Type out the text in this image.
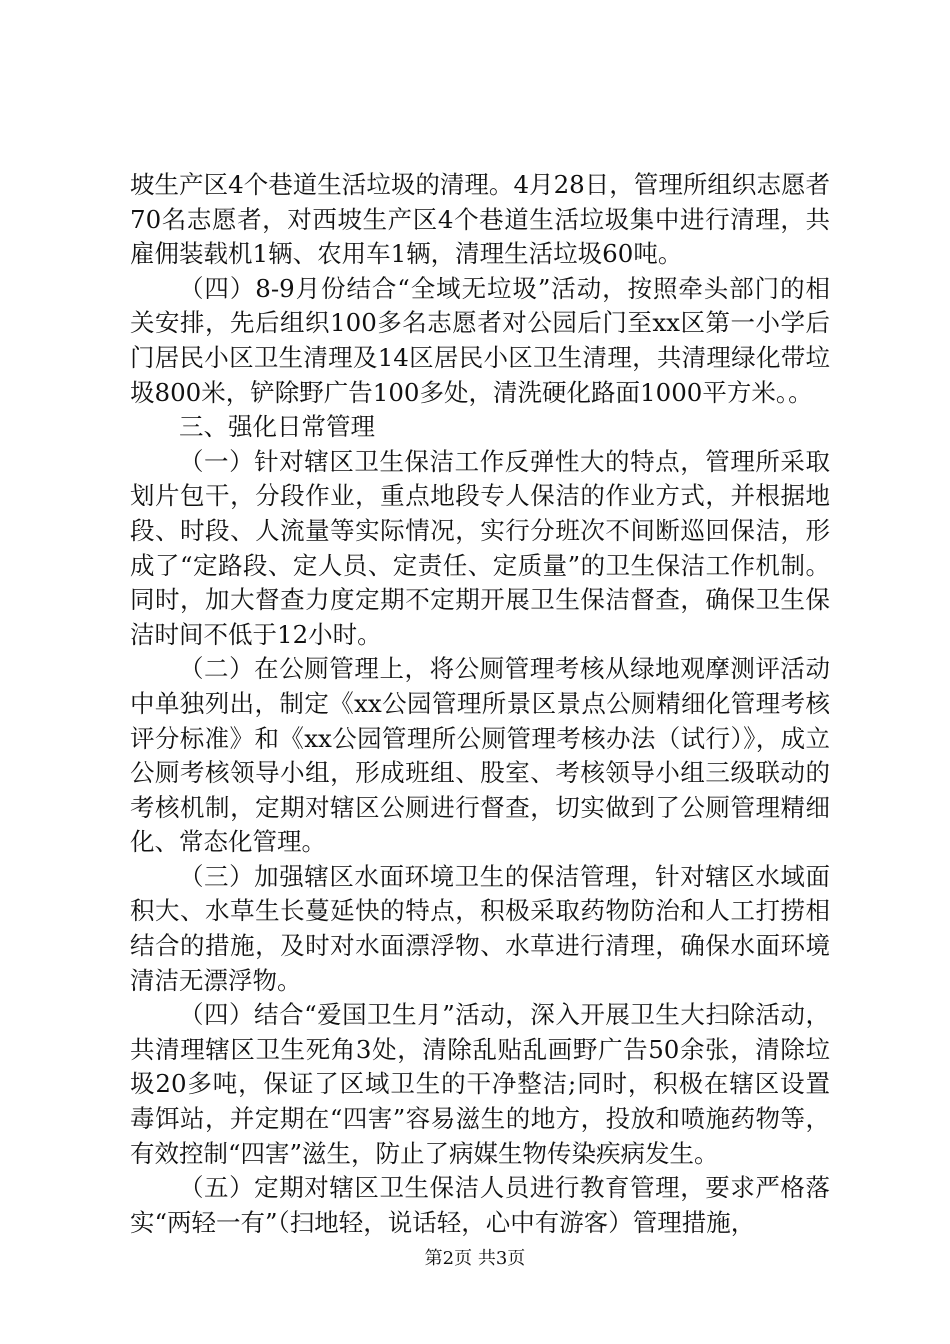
坡生产区4个巷道生活垃圾的清理。4月28日，管理所组织志愿者70名志愿者，对西坡生产区4个巷道生活垃圾集中进行清理，共雇佣装载机1辆、农用车1辆，清理生活垃圾60吨。

（四）8-9月份结合“全域无垃圾”活动，按照牵头部门的相关安排，先后组织100多名志愿者对公园后门至xx区第一小学后门居民小区卫生清理及14区居民小区卫生清理，共清理绿化带垃圾800米，铲除野广告100多处，清洗硬化路面1000平方米。。

三、强化日常管理

（一）针对辖区卫生保洁工作反弹性大的特点，管理所采取划片包干，分段作业，重点地段专人保洁的作业方式，并根据地段、时段、人流量等实际情况，实行分班次不间断巡回保洁，形成了“定路段、定人员、定责任、定质量”的卫生保洁工作机制。同时，加大督查力度定期不定期开展卫生保洁督查，确保卫生保洁时间不低于12小时。

（二）在公厕管理上，将公厕管理考核从绿地观摩测评活动中单独列出，制定《xx公园管理所景区景点公厕精细化管理考核评分标准》和《xx公园管理所公厕管理考核办法（试行）》，成立公厕考核领导小组，形成班组、股室、考核领导小组三级联动的考核机制，定期对辖区公厕进行督查，切实做到了公厕管理精细化、常态化管理。

（三）加强辖区水面环境卫生的保洁管理，针对辖区水域面积大、水草生长蔓延快的特点，积极采取药物防治和人工打捞相结合的措施，及时对水面漂浮物、水草进行清理，确保水面环境清洁无漂浮物。

（四）结合“爱国卫生月”活动，深入开展卫生大扫除活动，共清理辖区卫生死角3处，清除乱贴乱画野广告50余张，清除垃圾20多吨，保证了区域卫生的干净整洁;同时，积极在辖区设置毒饵站，并定期在“四害”容易滋生的地方，投放和喷施药物等，有效控制“四害”滋生，防止了病媒生物传染疾病发生。

（五）定期对辖区卫生保洁人员进行教育管理，要求严格落实“两轻一有”（扫地轻，说话轻，心中有游客）管理措施，

第2页 共3页
